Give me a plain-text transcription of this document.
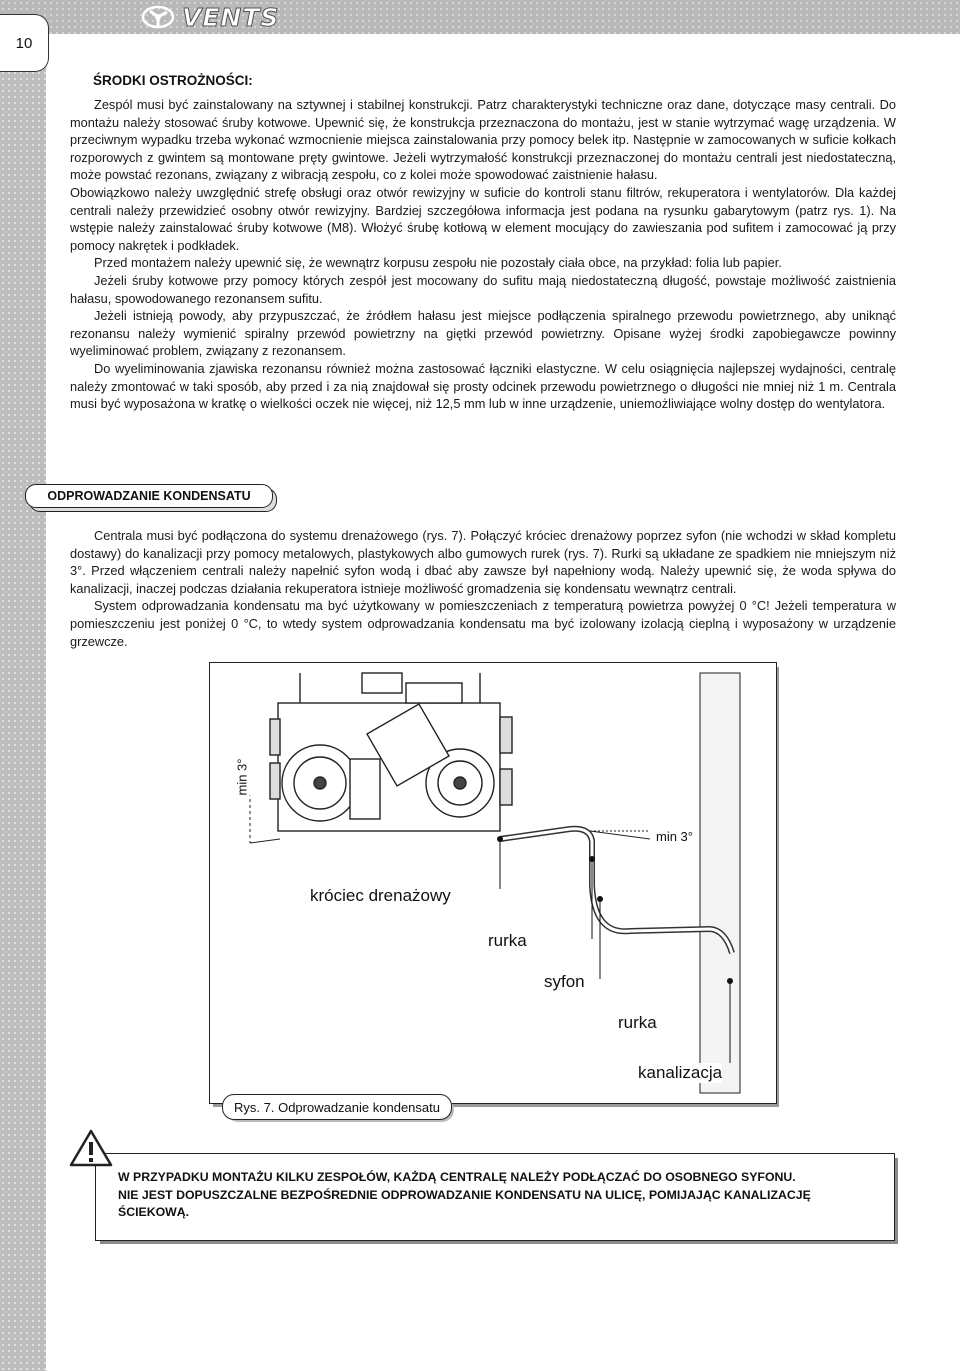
VENTS
10
ŚRODKI OSTROŻNOŚCI:

Zespól musi być zainstalowany na sztywnej i stabilnej konstrukcji. Patrz charakterystyki techniczne oraz dane, dotyczące masy centrali. Do montażu należy stosować śruby kotwowe. Upewnić się, że konstrukcja przeznaczona do montażu, jest w stanie wytrzymać wagę urządzenia. W przeciwnym wypadku trzeba wykonać wzmocnienie miejsca zainstalowania przy pomocy belek itp. Następnie w zamocowanych w suficie kołkach rozporowych z gwintem są montowane pręty gwintowe. Jeżeli wytrzymałość konstrukcji przeznaczonej do montażu centrali jest niedostateczną, może powstać rezonans, związany z wibracją zespołu, co z kolei może spowodować zaistnienie hałasu.

Obowiązkowo należy uwzględnić strefę obsługi oraz otwór rewizyjny w suficie do kontroli stanu filtrów, rekuperatora i wentylatorów. Dla każdej centrali należy przewidzieć osobny otwór rewizyjny. Bardziej szczegółowa informacja jest podana na rysunku gabarytowym (patrz rys. 1). Na wstępie należy zainstalować śruby kotwowe (M8). Włożyć śrubę kotłową w element mocujący do zawieszania pod sufitem i zamocować ją przy pomocy nakrętek i podkładek.

Przed montażem należy upewnić się, że wewnątrz korpusu zespołu nie pozostały ciała obce, na przykład: folia lub papier.

Jeżeli śruby kotwowe przy pomocy których zespół jest mocowany do sufitu mają niedostateczną długość, powstaje możliwość zaistnienia hałasu, spowodowanego rezonansem sufitu.

Jeżeli istnieją powody, aby przypuszczać, że źródłem hałasu jest miejsce podłączenia spiralnego przewodu powietrznego, aby uniknąć rezonansu należy wymienić spiralny przewód powietrzny na giętki przewód powietrzny. Opisane wyżej środki zapobiegawcze powinny wyeliminować problem, związany z rezonansem.

Do wyeliminowania zjawiska rezonansu również można zastosować łączniki elastyczne. W celu osiągnięcia najlepszej wydajności, centralę należy zmontować w taki sposób, aby przed i za nią znajdował się prosty odcinek przewodu powietrznego o długości nie mniej niż 1 m. Centrala musi być wyposażona w kratkę o wielkości oczek nie więcej, niż 12,5 mm lub w inne urządzenie, uniemożliwiające wolny dostęp do wentylatora.

ODPROWADZANIE KONDENSATU

Centrala musi być podłączona do systemu drenażowego (rys. 7). Połączyć króciec drenażowy poprzez syfon (nie wchodzi w skład kompletu dostawy) do kanalizacji przy pomocy metalowych, plastykowych albo gumowych rurek (rys. 7). Rurki są układane ze spadkiem nie mniejszym niż 3°. Przed włączeniem centrali należy napełnić syfon wodą i dbać aby zawsze był napełniony wodą. Należy upewnić się, że woda spływa do kanalizacji, inaczej podczas działania rekuperatora istnieje możliwość gromadzenia się kondensatu wewnątrz centrali.

System odprowadzania kondensatu ma być użytkowany w pomieszczeniach z temperaturą powietrza powyżej 0 °C! Jeżeli temperatura w pomieszczeniu jest poniżej 0 °C, to wtedy system odprowadzania kondensatu ma być izolowany izolacją cieplną i wyposażony w urządzenie grzewcze.

min 3°
min 3°
króciec drenażowy
rurka
syfon
rurka
kanalizacja
Rys. 7. Odprowadzanie kondensatu
W PRZYPADKU MONTAŻU KILKU ZESPOŁÓW, KAŻDĄ CENTRALĘ NALEŻY PODŁĄCZAĆ DO OSOBNEGO SYFONU.
NIE JEST DOPUSZCZALNE BEZPOŚREDNIE ODPROWADZANIE KONDENSATU NA ULICĘ, POMIJAJĄC KANALIZACJĘ ŚCIEKOWĄ.
